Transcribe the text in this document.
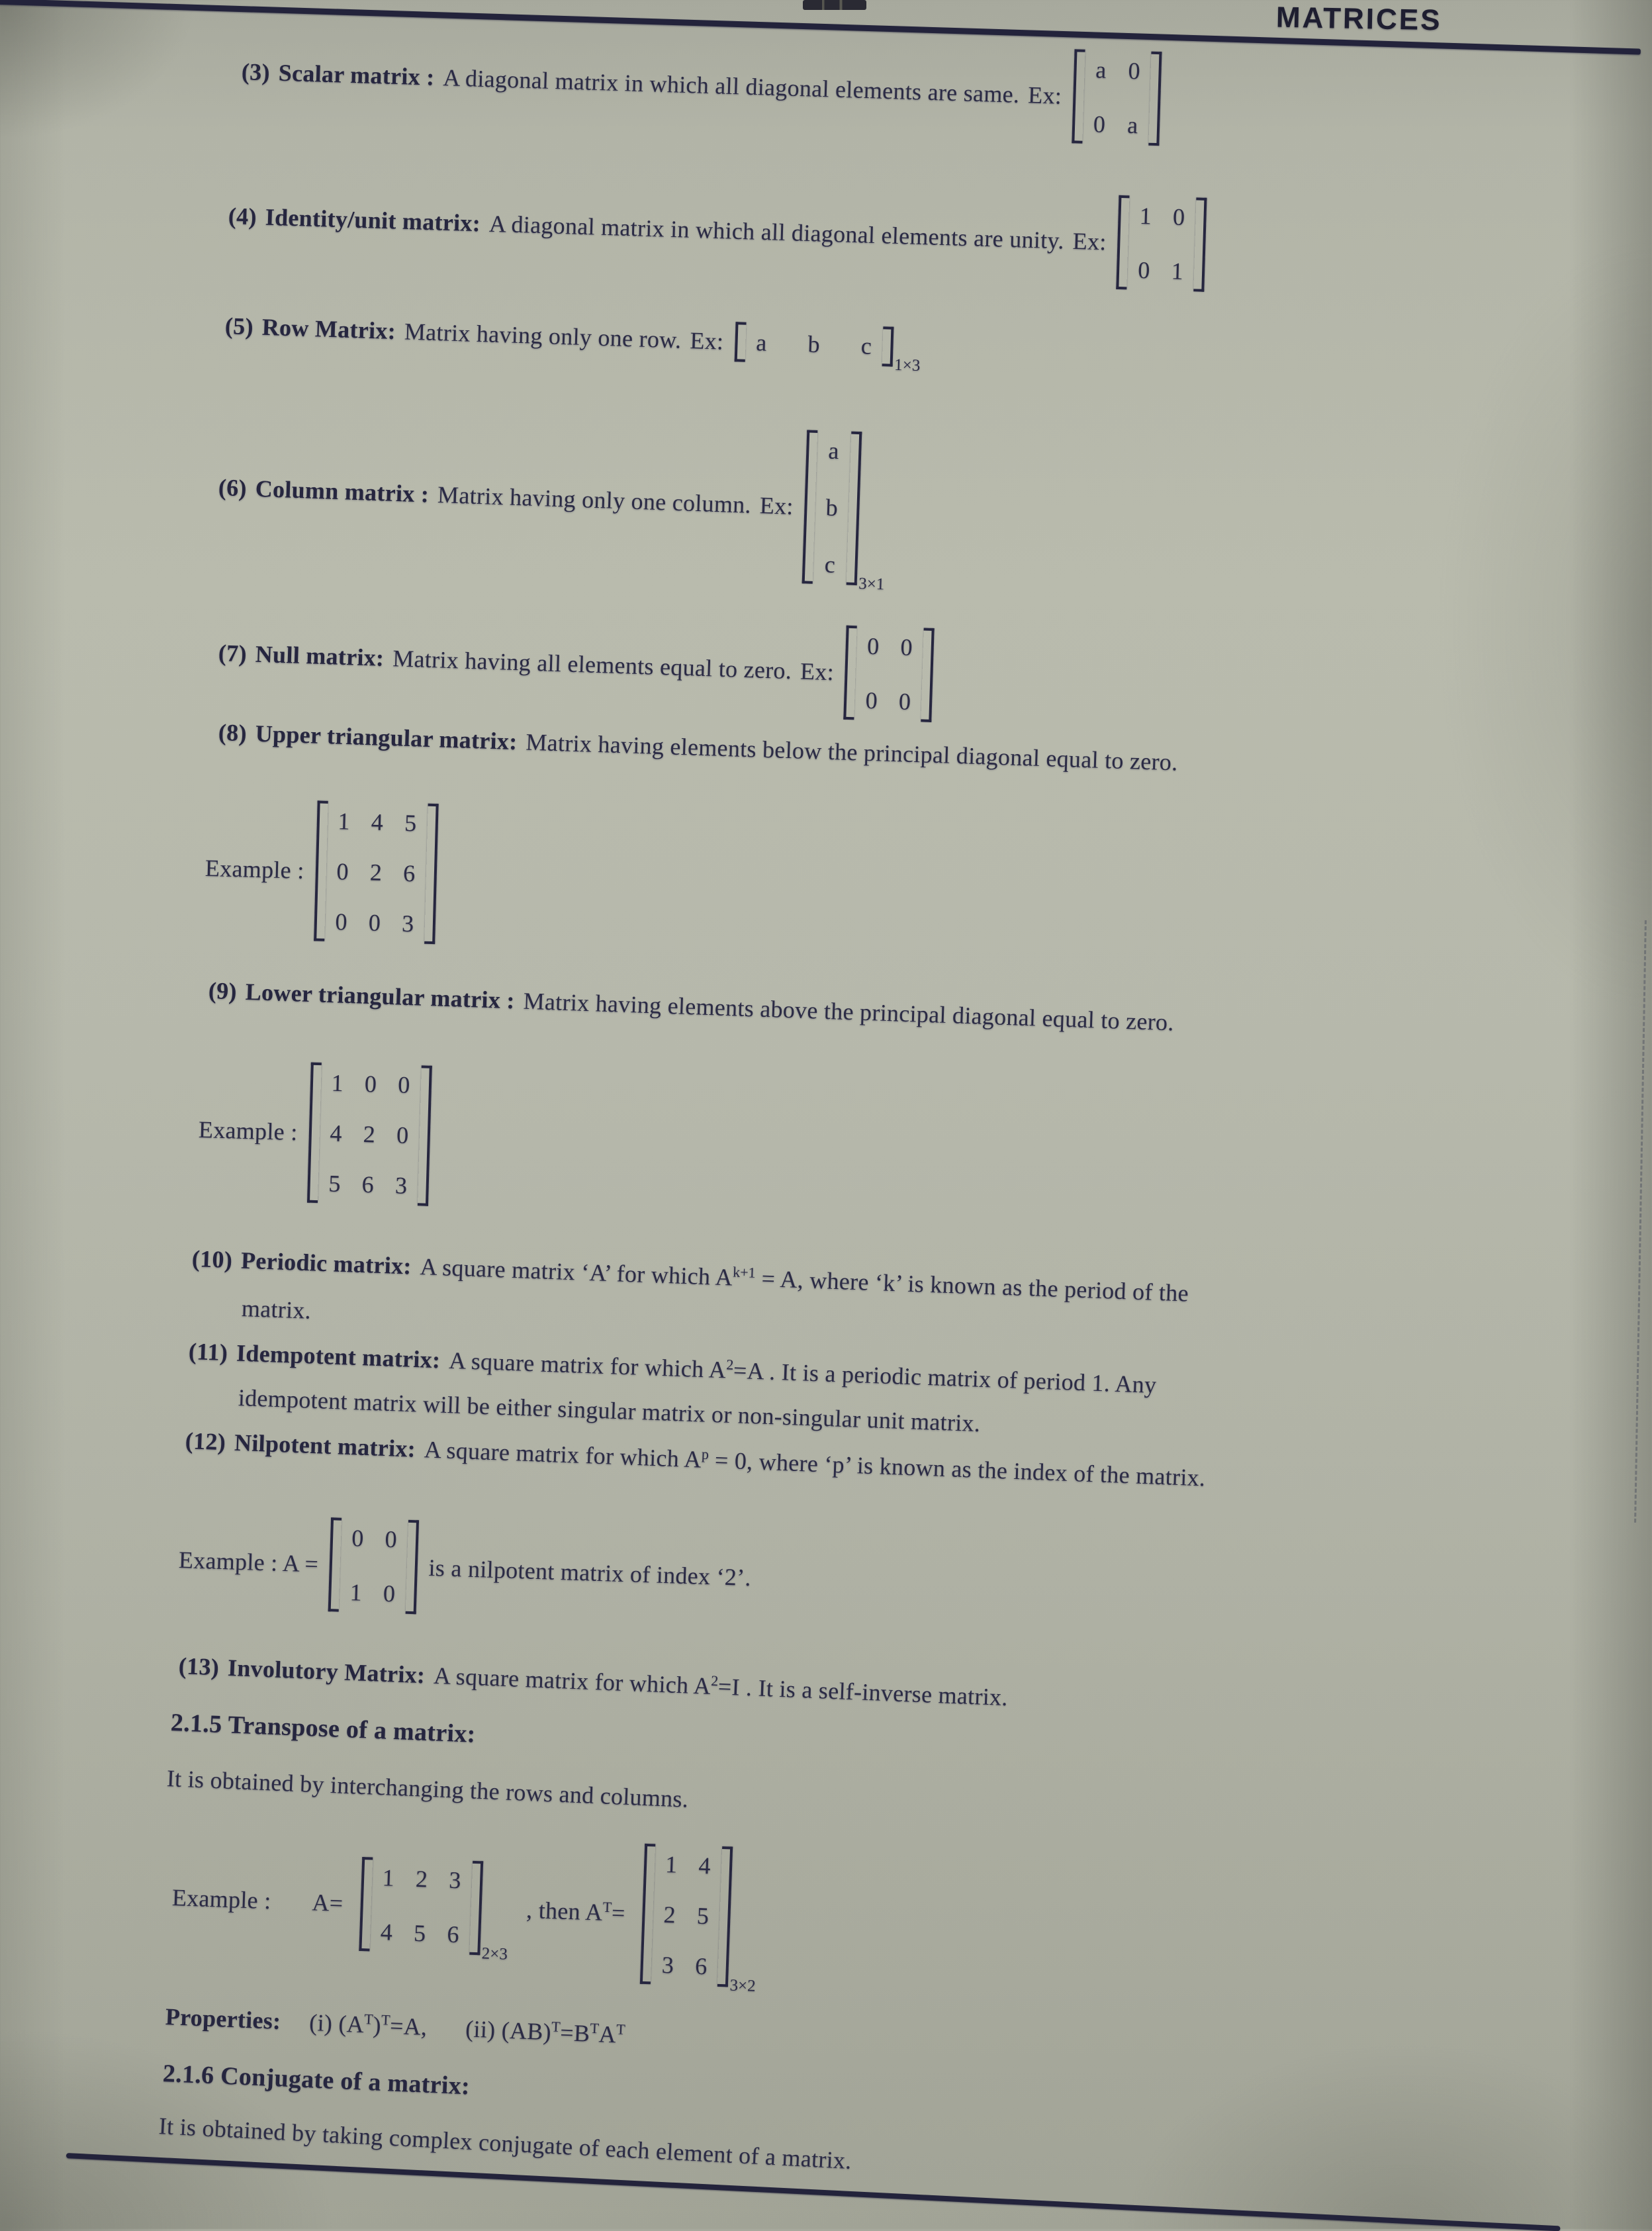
MATRICES
(3) Scalar matrix : A diagonal matrix in which all diagonal elements are same. Ex:
a 0
0 a
(4) Identity/unit matrix: A diagonal matrix in which all diagonal elements are unity. Ex:
1 0
0 1
(5) Row Matrix: Matrix having only one row. Ex: a b c
1×3
(6) Column matrix : Matrix having only one column. Ex:
a
b
c
3×1
(7) Null matrix: Matrix having all elements equal to zero. Ex:
0 0
0 0
(8) Upper triangular matrix: Matrix having elements below the principal diagonal equal to zero.
Example :
1 4 5
0 2 6
0 0 3
(9) Lower triangular matrix : Matrix having elements above the principal diagonal equal to zero.
Example :
1 0 0
4 2 0
5 6 3
(10) Periodic matrix: A square matrix ‘A’ for which $A^{k+1} = A$, where ‘k’ is known as the period of the
matrix.
(11) Idempotent matrix: A square matrix for which $A^2=A$ . It is a periodic matrix of period 1. Any
idempotent matrix will be either singular matrix or non-singular unit matrix.
(12) Nilpotent matrix: A square matrix for which $A^p = 0$, where ‘p’ is known as the index of the matrix.
Example : A =
0 0
1 0
is a nilpotent matrix of index ‘2’.
(13) Involutory Matrix: A square matrix for which $A^2=I$ . It is a self-inverse matrix.
2.1.5 Transpose of a matrix:
It is obtained by interchanging the rows and columns.
Example : A=
1 2 3
4 5 6
2×3
, then $A^T=$
1 4
2 5
3 6
3×2
Properties: (i) $(A^T)^T=A$, (ii) $(AB)^T=B^TA^T$
2.1.6 Conjugate of a matrix:
It is obtained by taking complex conjugate of each element of a matrix.
